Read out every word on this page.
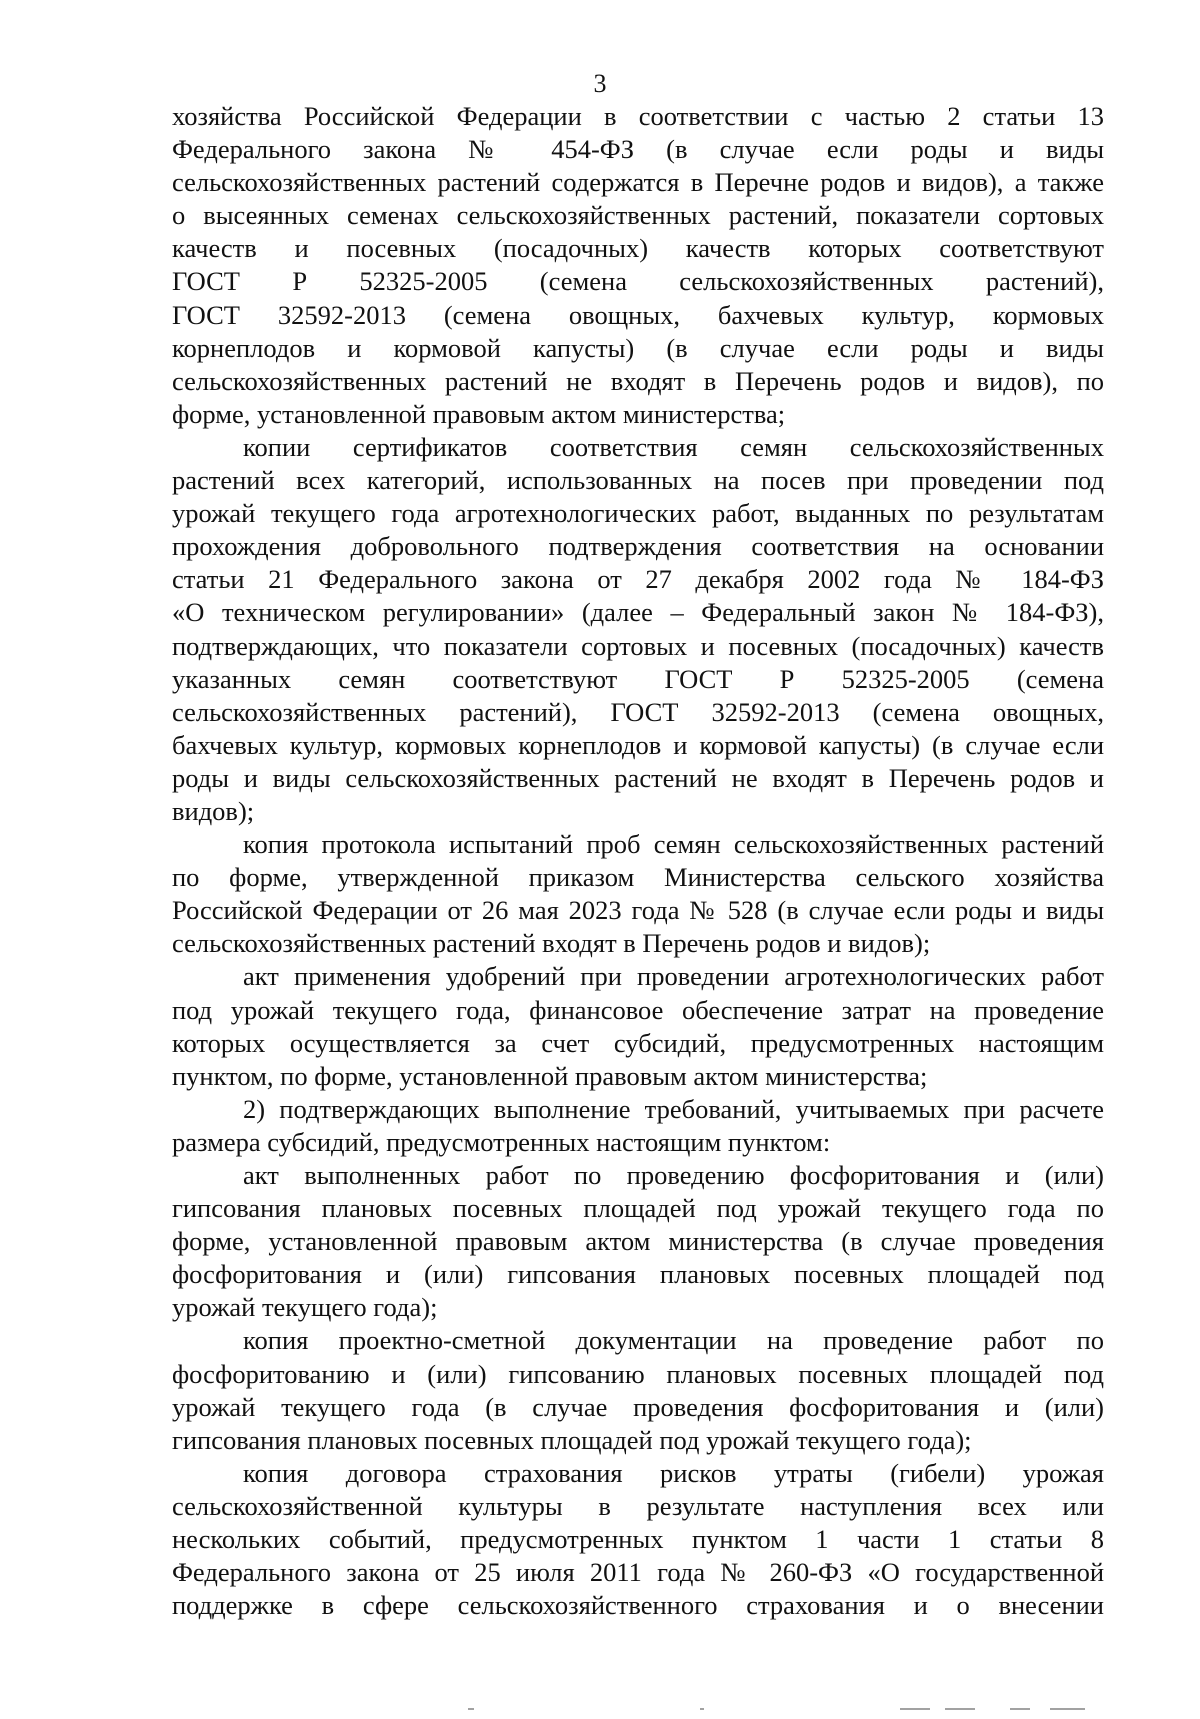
3
хозяйства Российской Федерации в соответствии с частью 2 статьи 13
Федерального закона № 454-ФЗ (в случае если роды и виды
сельскохозяйственных растений содержатся в Перечне родов и видов), а также
о высеянных семенах сельскохозяйственных растений, показатели сортовых
качеств и посевных (посадочных) качеств которых соответствуют
ГОСТ Р 52325-2005 (семена сельскохозяйственных растений),
ГОСТ 32592-2013 (семена овощных, бахчевых культур, кормовых
корнеплодов и кормовой капусты) (в случае если роды и виды
сельскохозяйственных растений не входят в Перечень родов и видов), по
форме, установленной правовым актом министерства;
копии сертификатов соответствия семян сельскохозяйственных
растений всех категорий, использованных на посев при проведении под
урожай текущего года агротехнологических работ, выданных по результатам
прохождения добровольного подтверждения соответствия на основании
статьи 21 Федерального закона от 27 декабря 2002 года № 184-ФЗ
«О техническом регулировании» (далее – Федеральный закон № 184-ФЗ),
подтверждающих, что показатели сортовых и посевных (посадочных) качеств
указанных семян соответствуют ГОСТ Р 52325-2005 (семена
сельскохозяйственных растений), ГОСТ 32592-2013 (семена овощных,
бахчевых культур, кормовых корнеплодов и кормовой капусты) (в случае если
роды и виды сельскохозяйственных растений не входят в Перечень родов и
видов);
копия протокола испытаний проб семян сельскохозяйственных растений
по форме, утвержденной приказом Министерства сельского хозяйства
Российской Федерации от 26 мая 2023 года № 528 (в случае если роды и виды
сельскохозяйственных растений входят в Перечень родов и видов);
акт применения удобрений при проведении агротехнологических работ
под урожай текущего года, финансовое обеспечение затрат на проведение
которых осуществляется за счет субсидий, предусмотренных настоящим
пунктом, по форме, установленной правовым актом министерства;
2) подтверждающих выполнение требований, учитываемых при расчете
размера субсидий, предусмотренных настоящим пунктом:
акт выполненных работ по проведению фосфоритования и (или)
гипсования плановых посевных площадей под урожай текущего года по
форме, установленной правовым актом министерства (в случае проведения
фосфоритования и (или) гипсования плановых посевных площадей под
урожай текущего года);
копия проектно-сметной документации на проведение работ по
фосфоритованию и (или) гипсованию плановых посевных площадей под
урожай текущего года (в случае проведения фосфоритования и (или)
гипсования плановых посевных площадей под урожай текущего года);
копия договора страхования рисков утраты (гибели) урожая
сельскохозяйственной культуры в результате наступления всех или
нескольких событий, предусмотренных пунктом 1 части 1 статьи 8
Федерального закона от 25 июля 2011 года № 260-ФЗ «О государственной
поддержке в сфере сельскохозяйственного страхования и о внесении
